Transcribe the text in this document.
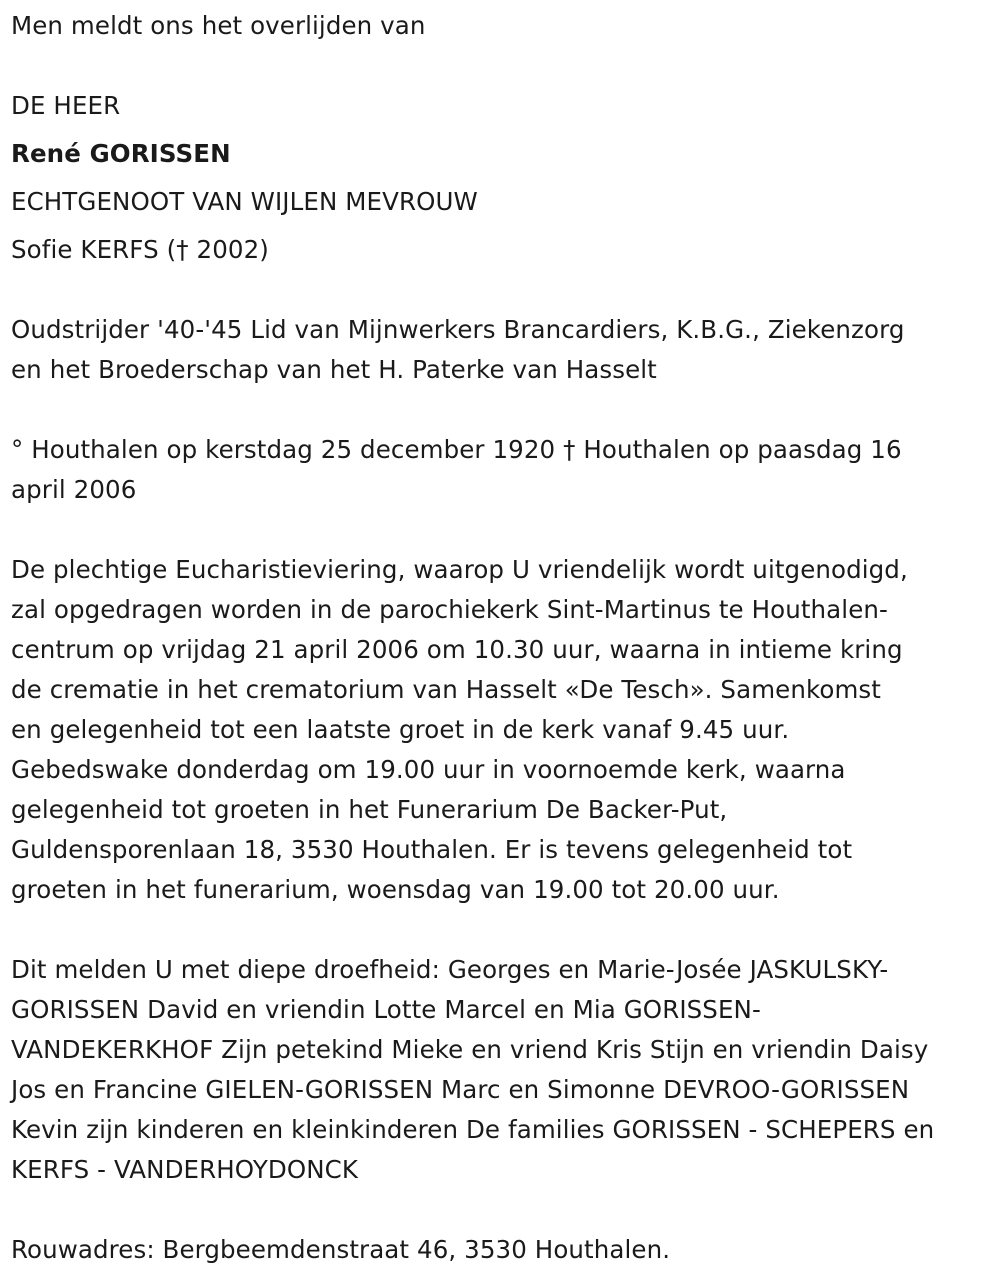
Men meldt ons het overlijden van

DE HEER

René GORISSEN

ECHTGENOOT VAN WIJLEN MEVROUW

Sofie KERFS († 2002)

Oudstrijder '40-'45 Lid van Mijnwerkers Brancardiers, K.B.G., Ziekenzorg
en het Broederschap van het H. Paterke van Hasselt

° Houthalen op kerstdag 25 december 1920 † Houthalen op paasdag 16
april 2006

De plechtige Eucharistieviering, waarop U vriendelijk wordt uitgenodigd,
zal opgedragen worden in de parochiekerk Sint-Martinus te Houthalen-
centrum op vrijdag 21 april 2006 om 10.30 uur, waarna in intieme kring
de crematie in het crematorium van Hasselt «De Tesch». Samenkomst
en gelegenheid tot een laatste groet in de kerk vanaf 9.45 uur.
Gebedswake donderdag om 19.00 uur in voornoemde kerk, waarna
gelegenheid tot groeten in het Funerarium De Backer-Put,
Guldensporenlaan 18, 3530 Houthalen. Er is tevens gelegenheid tot
groeten in het funerarium, woensdag van 19.00 tot 20.00 uur.

Dit melden U met diepe droefheid: Georges en Marie-Josée JASKULSKY-
GORISSEN David en vriendin Lotte Marcel en Mia GORISSEN-
VANDEKERKHOF Zijn petekind Mieke en vriend Kris Stijn en vriendin Daisy
Jos en Francine GIELEN-GORISSEN Marc en Simonne DEVROO-GORISSEN
Kevin zijn kinderen en kleinkinderen De families GORISSEN - SCHEPERS en
KERFS - VANDERHOYDONCK

Rouwadres: Bergbeemdenstraat 46, 3530 Houthalen.
